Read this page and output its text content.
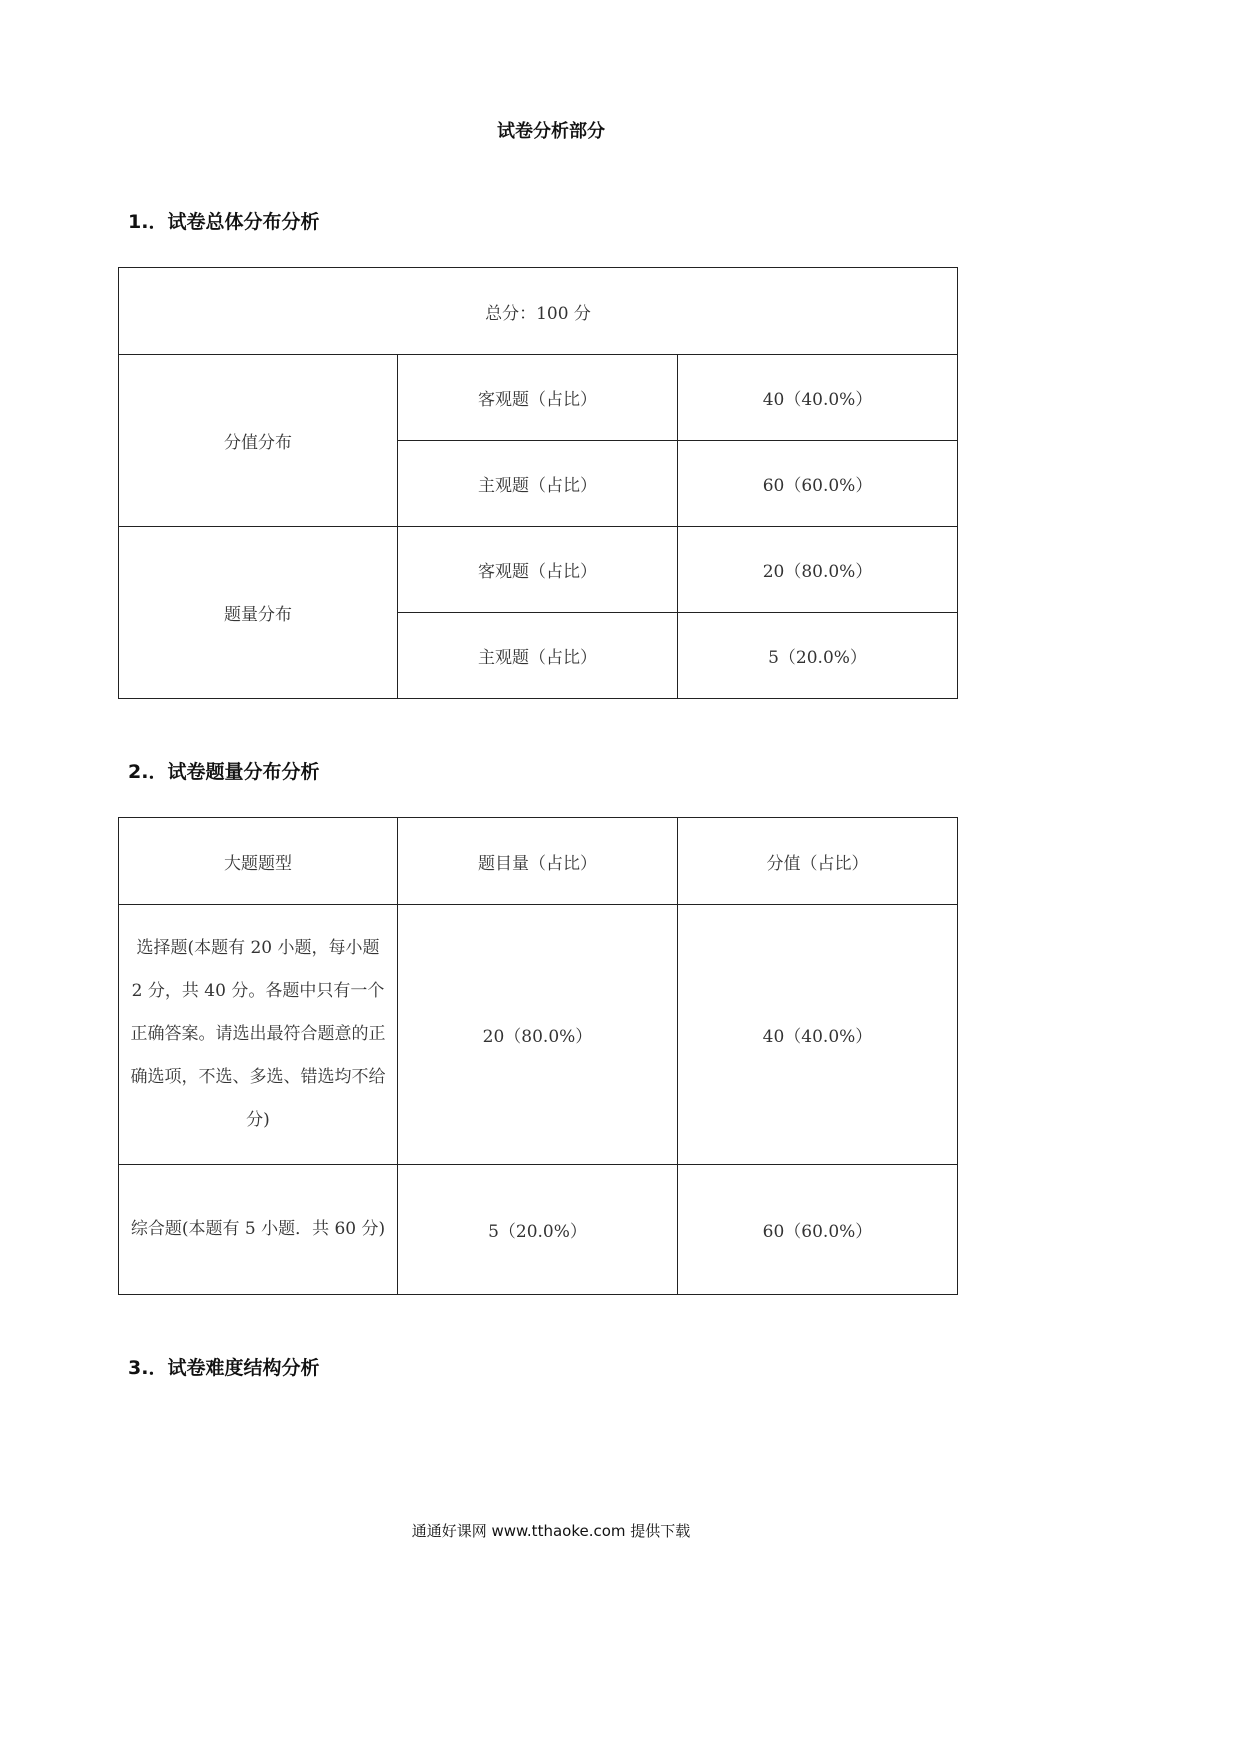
试卷分析部分
1.．试卷总体分布分析
总分：100 分		
分值分布	客观题（占比）	40（40.0%）
	主观题（占比）	60（60.0%）
题量分布	客观题（占比）	20（80.0%）
	主观题（占比）	5（20.0%）
2.．试卷题量分布分析
大题题型	题目量（占比）	分值（占比）
选择题(本题有 20 小题，每小题 2 分，共 40 分。各题中只有一个正确答案。请选出最符合题意的正确选项，不选、多选、错选均不给分)	20（80.0%）	40（40.0%）
综合题(本题有 5 小题．共 60 分)	5（20.0%）	60（60.0%）
3.．试卷难度结构分析
通通好课网 www.tthaoke.com 提供下载
